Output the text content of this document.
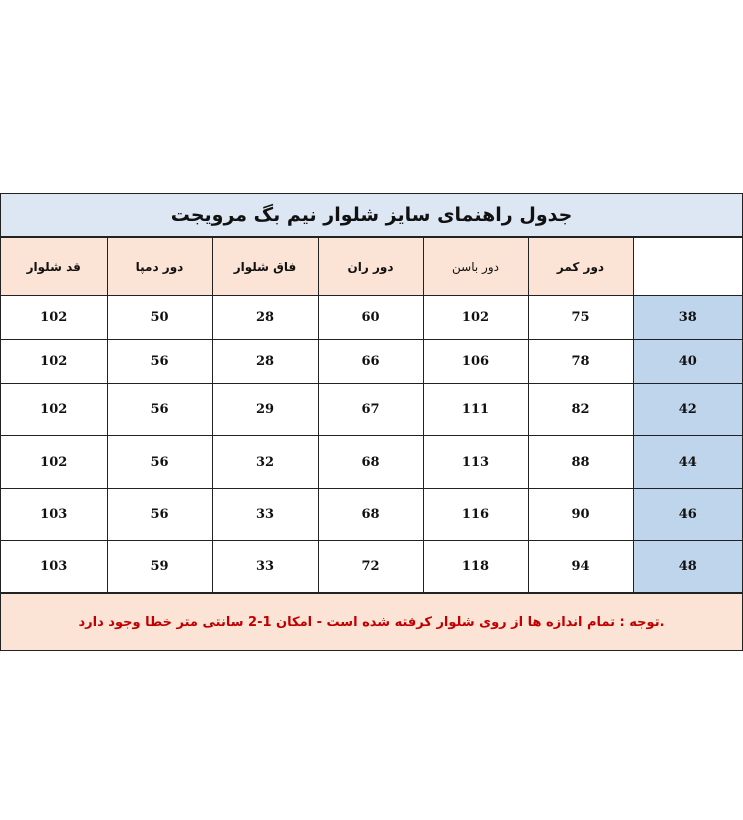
جدول راهنمای سایز شلوار نیم بگ مرویجت
قد شلوار	دور دمپا	فاق شلوار	دور ران	دور باسن	دور کمر	
102	50	28	60	102	75	38
102	56	28	66	106	78	40
102	56	29	67	111	82	42
102	56	32	68	113	88	44
103	56	33	68	116	90	46
103	59	33	72	118	94	48
.توجه : تمام اندازه ها از روی شلوار کرفته شده است - امکان 1-2 سانتی متر خطا وجود دارد
